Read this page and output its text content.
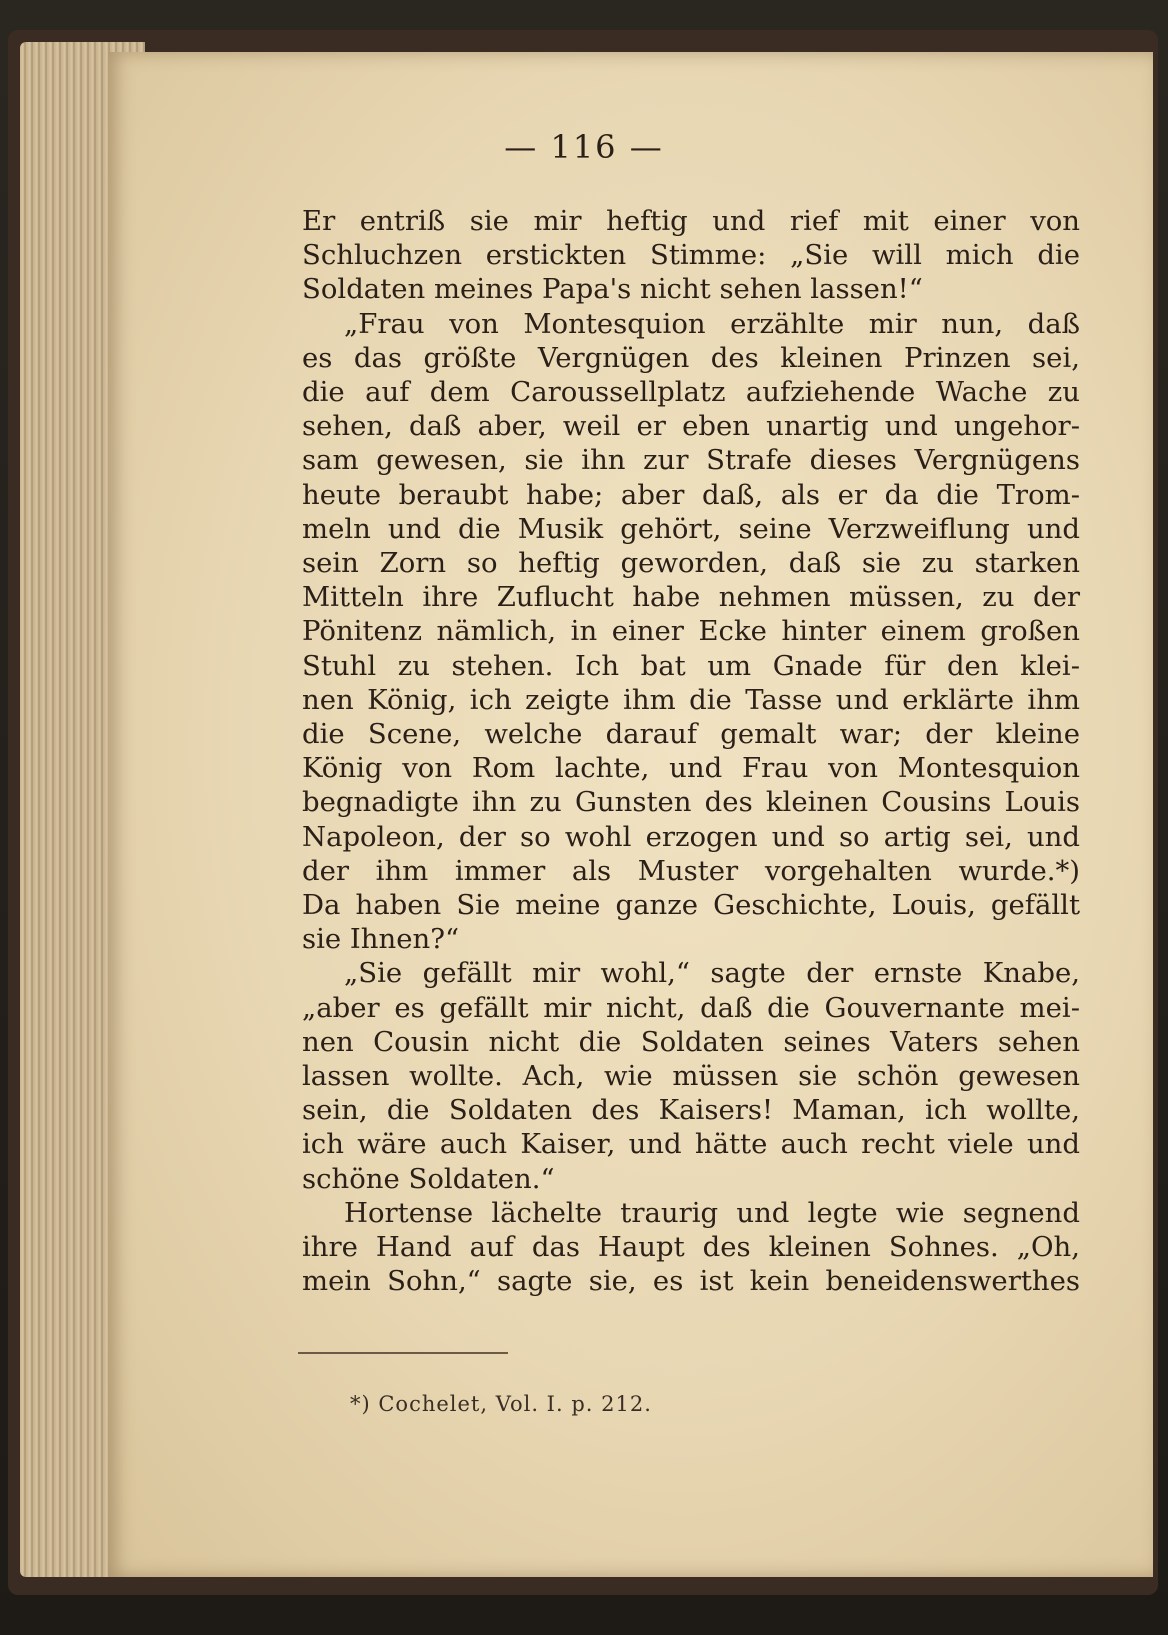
— 116 —
Er entriß sie mir heftig und rief mit einer von
Schluchzen erstickten Stimme: „Sie will mich die
Soldaten meines Papa's nicht sehen lassen!“
„Frau von Montesquion erzählte mir nun, daß
es das größte Vergnügen des kleinen Prinzen sei,
die auf dem Caroussellplatz aufziehende Wache zu
sehen, daß aber, weil er eben unartig und ungehor-
sam gewesen, sie ihn zur Strafe dieses Vergnügens
heute beraubt habe; aber daß, als er da die Trom-
meln und die Musik gehört, seine Verzweiflung und
sein Zorn so heftig geworden, daß sie zu starken
Mitteln ihre Zuflucht habe nehmen müssen, zu der
Pönitenz nämlich, in einer Ecke hinter einem großen
Stuhl zu stehen. Ich bat um Gnade für den klei-
nen König, ich zeigte ihm die Tasse und erklärte ihm
die Scene, welche darauf gemalt war; der kleine
König von Rom lachte, und Frau von Montesquion
begnadigte ihn zu Gunsten des kleinen Cousins Louis
Napoleon, der so wohl erzogen und so artig sei, und
der ihm immer als Muster vorgehalten wurde.*)
Da haben Sie meine ganze Geschichte, Louis, gefällt
sie Ihnen?“
„Sie gefällt mir wohl,“ sagte der ernste Knabe,
„aber es gefällt mir nicht, daß die Gouvernante mei-
nen Cousin nicht die Soldaten seines Vaters sehen
lassen wollte. Ach, wie müssen sie schön gewesen
sein, die Soldaten des Kaisers! Maman, ich wollte,
ich wäre auch Kaiser, und hätte auch recht viele und
schöne Soldaten.“
Hortense lächelte traurig und legte wie segnend
ihre Hand auf das Haupt des kleinen Sohnes. „Oh,
mein Sohn,“ sagte sie, es ist kein beneidenswerthes
*) Cochelet, Vol. I. p. 212.
